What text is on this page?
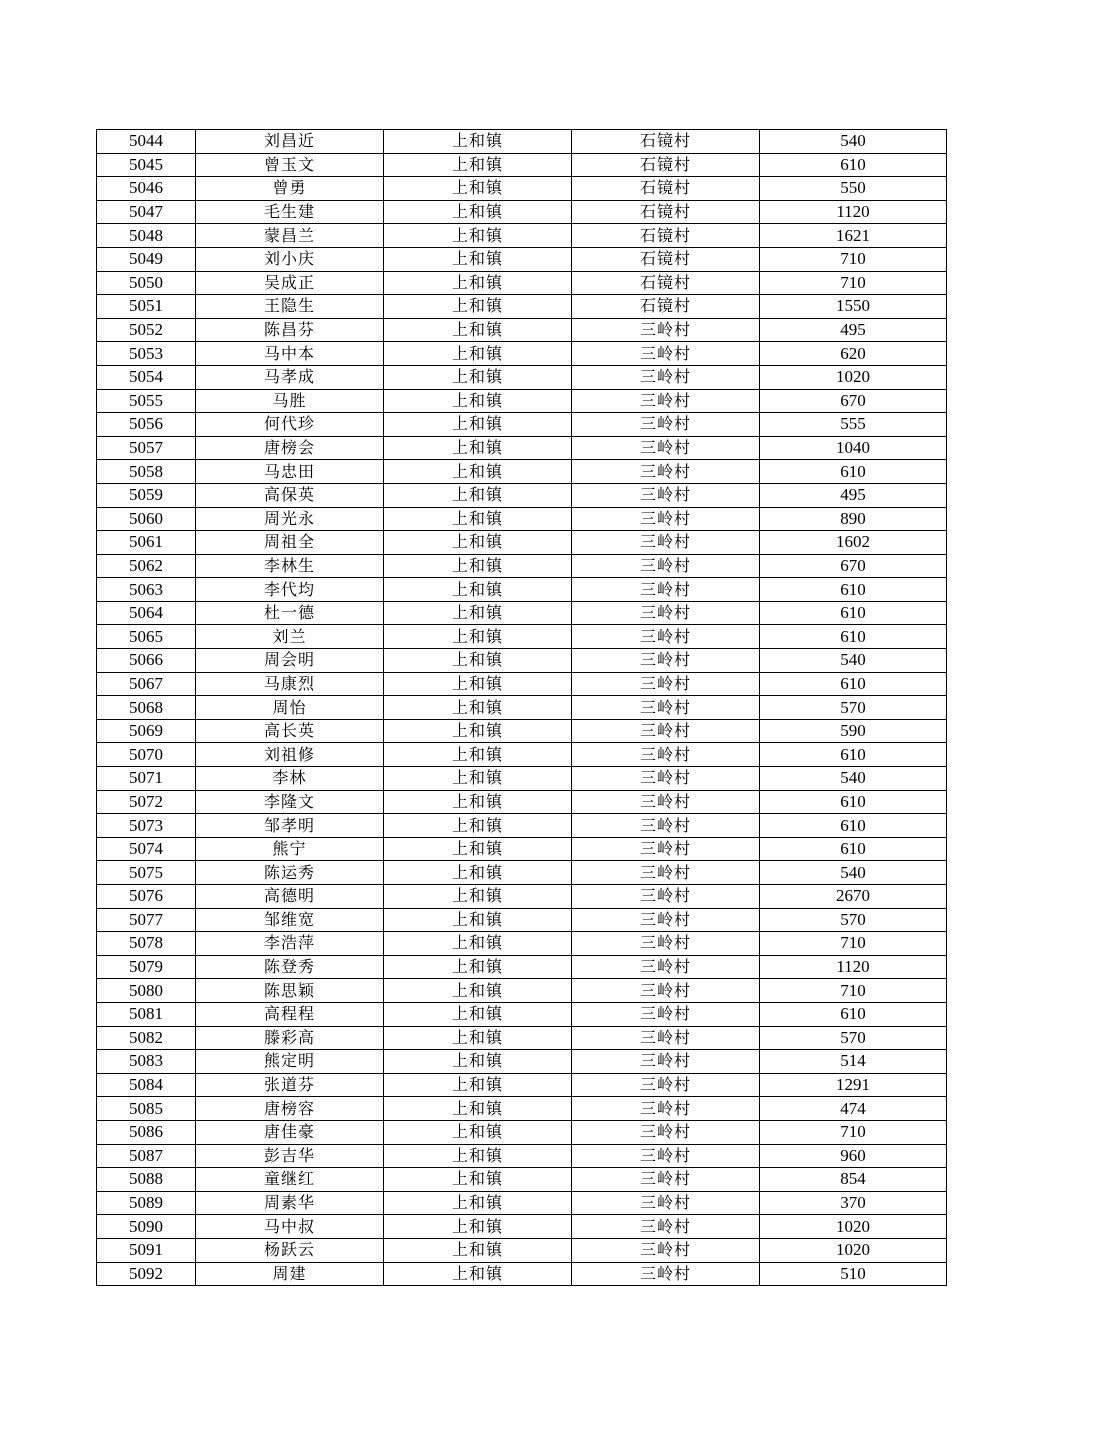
5044	刘昌近	上和镇	石镜村	540
5045	曾玉文	上和镇	石镜村	610
5046	曾勇	上和镇	石镜村	550
5047	毛生建	上和镇	石镜村	1120
5048	蒙昌兰	上和镇	石镜村	1621
5049	刘小庆	上和镇	石镜村	710
5050	吴成正	上和镇	石镜村	710
5051	王隐生	上和镇	石镜村	1550
5052	陈昌芬	上和镇	三岭村	495
5053	马中本	上和镇	三岭村	620
5054	马孝成	上和镇	三岭村	1020
5055	马胜	上和镇	三岭村	670
5056	何代珍	上和镇	三岭村	555
5057	唐榜会	上和镇	三岭村	1040
5058	马忠田	上和镇	三岭村	610
5059	高保英	上和镇	三岭村	495
5060	周光永	上和镇	三岭村	890
5061	周祖全	上和镇	三岭村	1602
5062	李林生	上和镇	三岭村	670
5063	李代均	上和镇	三岭村	610
5064	杜一德	上和镇	三岭村	610
5065	刘兰	上和镇	三岭村	610
5066	周会明	上和镇	三岭村	540
5067	马康烈	上和镇	三岭村	610
5068	周怡	上和镇	三岭村	570
5069	高长英	上和镇	三岭村	590
5070	刘祖修	上和镇	三岭村	610
5071	李林	上和镇	三岭村	540
5072	李隆文	上和镇	三岭村	610
5073	邹孝明	上和镇	三岭村	610
5074	熊宁	上和镇	三岭村	610
5075	陈运秀	上和镇	三岭村	540
5076	高德明	上和镇	三岭村	2670
5077	邹维宽	上和镇	三岭村	570
5078	李浩萍	上和镇	三岭村	710
5079	陈登秀	上和镇	三岭村	1120
5080	陈思颖	上和镇	三岭村	710
5081	高程程	上和镇	三岭村	610
5082	滕彩高	上和镇	三岭村	570
5083	熊定明	上和镇	三岭村	514
5084	张道芬	上和镇	三岭村	1291
5085	唐榜容	上和镇	三岭村	474
5086	唐佳豪	上和镇	三岭村	710
5087	彭吉华	上和镇	三岭村	960
5088	童继红	上和镇	三岭村	854
5089	周素华	上和镇	三岭村	370
5090	马中叔	上和镇	三岭村	1020
5091	杨跃云	上和镇	三岭村	1020
5092	周建	上和镇	三岭村	510
